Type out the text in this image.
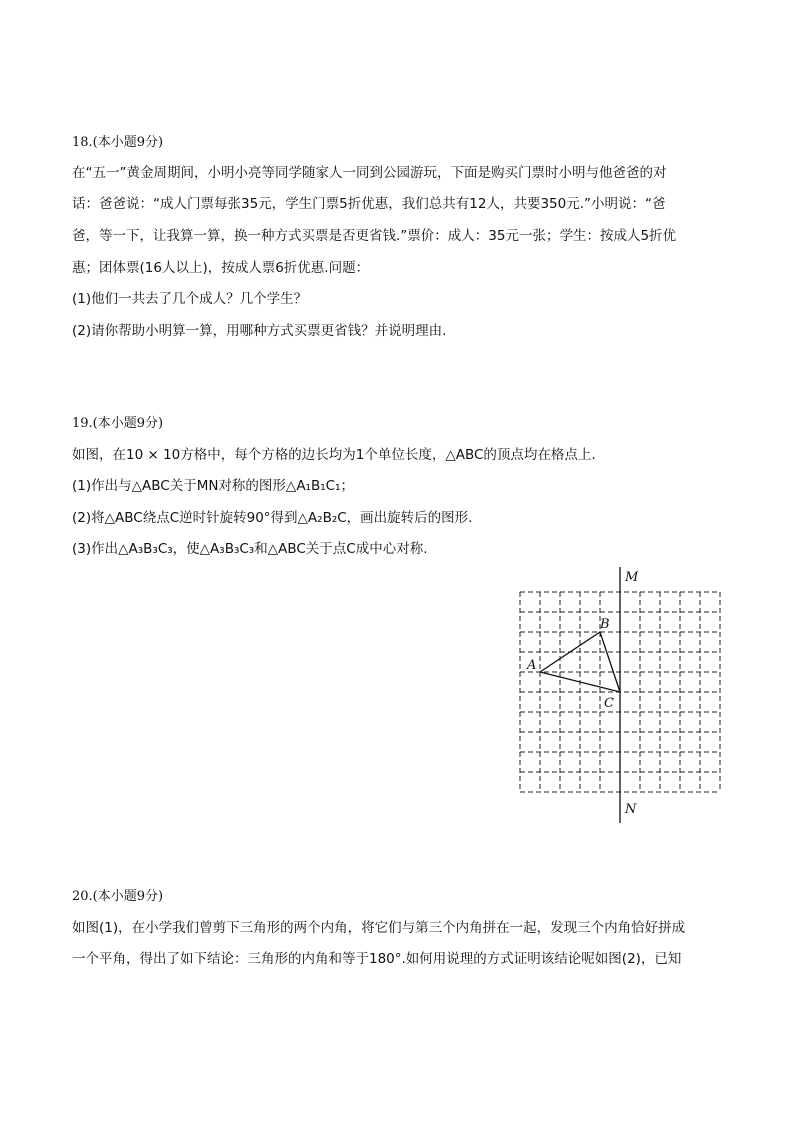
18.(本小题9分)
在“五一”黄金周期间，小明小亮等同学随家人一同到公园游玩，下面是购买门票时小明与他爸爸的对
话：爸爸说：“成人门票每张35元，学生门票5折优惠，我们总共有12人，共要350元.”小明说：“爸
爸，等一下，让我算一算，换一种方式买票是否更省钱.”票价：成人：35元一张；学生：按成人5折优
惠；团体票(16人以上)，按成人票6折优惠.问题：
(1)他们一共去了几个成人？几个学生？
(2)请你帮助小明算一算，用哪种方式买票更省钱？并说明理由.
19.(本小题9分)
如图，在10 × 10方格中，每个方格的边长均为1个单位长度，△ABC的顶点均在格点上.
(1)作出与△ABC关于MN对称的图形△A₁B₁C₁；
(2)将△ABC绕点C逆时针旋转90°得到△A₂B₂C，画出旋转后的图形.
(3)作出△A₃B₃C₃，使△A₃B₃C₃和△ABC关于点C成中心对称.
M
N
A
B
C
20.(本小题9分)
如图(1)，在小学我们曾剪下三角形的两个内角，将它们与第三个内角拼在一起，发现三个内角恰好拼成
一个平角，得出了如下结论：三角形的内角和等于180°.如何用说理的方式证明该结论呢如图(2)，已知
